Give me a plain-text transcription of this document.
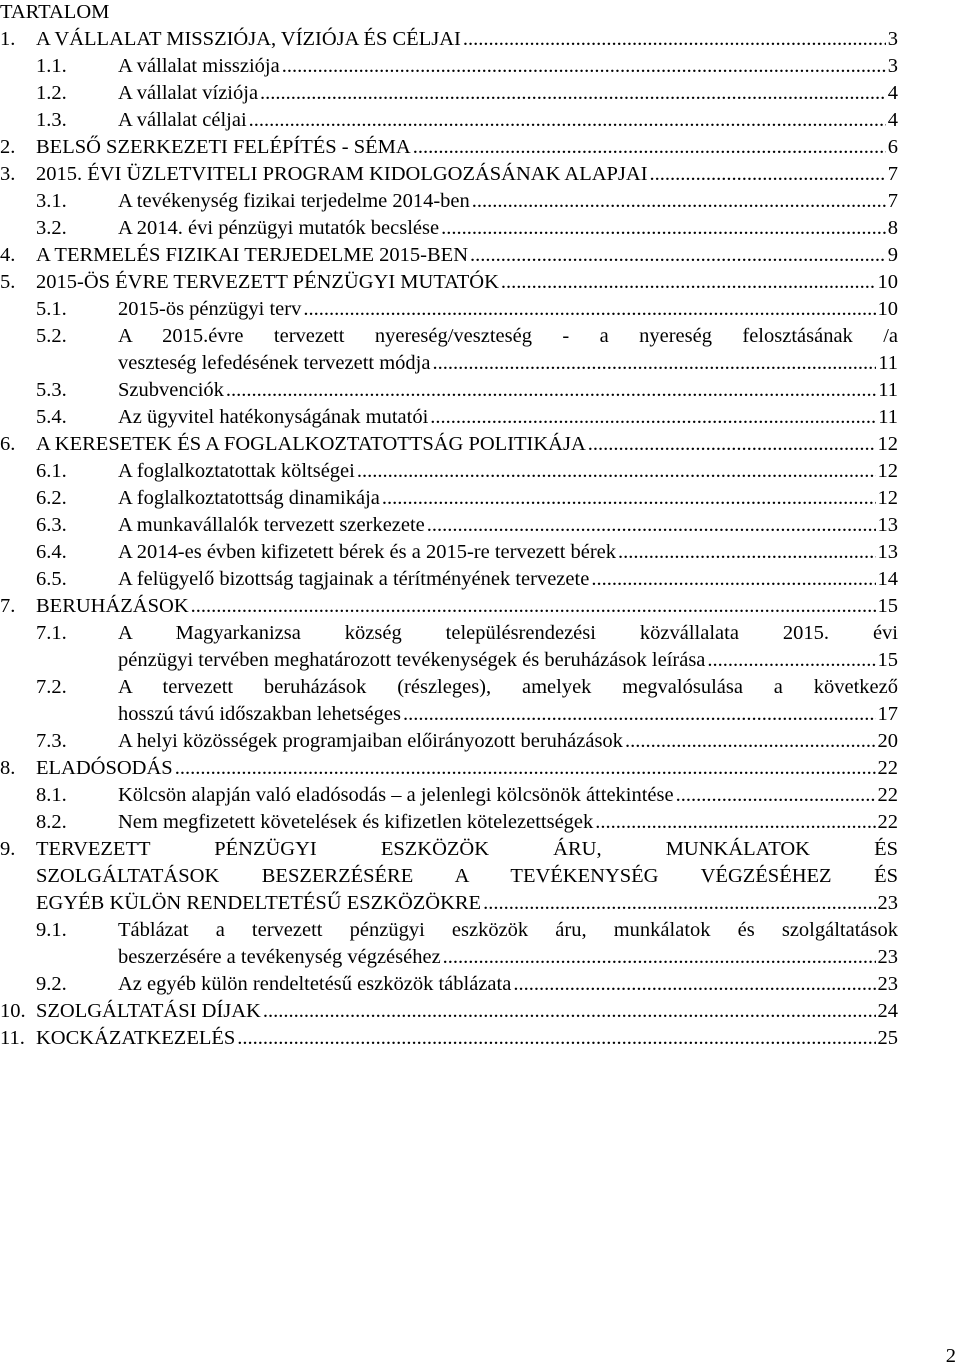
TARTALOM
1. A VÁLLALAT MISSZIÓJA, VÍZIÓJA ÉS CÉLJAI .....	3
1.1.	A vállalat missziója .....	3
1.2.	A vállalat víziója .....	4
1.3.	A vállalat céljai .....	4
2. BELSŐ SZERKEZETI FELÉPÍTÉS - SÉMA .....	6
3. 2015. ÉVI ÜZLETVITELI PROGRAM KIDOLGOZÁSÁNAK ALAPJAI .....	7
3.1.	A tevékenység fizikai terjedelme 2014-ben .....	7
3.2.	A 2014. évi pénzügyi mutatók becslése .....	8
4. A TERMELÉS FIZIKAI TERJEDELME 2015-BEN .....	9
5. 2015-ÖS ÉVRE TERVEZETT PÉNZÜGYI MUTATÓK .....	10
5.1.	2015-ös pénzügyi terv .....	10
5.2.	A 2015.évre tervezett nyereség/veszteség - a nyereség felosztásának /a
veszteség lefedésének tervezett módja .....	11
5.3.	Szubvenciók .....	11
5.4.	Az ügyvitel hatékonyságának mutatói .....	11
6. A KERESETEK ÉS A FOGLALKOZTATOTTSÁG POLITIKÁJA .....	12
6.1.	A foglalkoztatottak költségei .....	12
6.2.	A foglalkoztatottság dinamikája .....	12
6.3.	A munkavállalók tervezett szerkezete .....	13
6.4.	A 2014-es évben kifizetett bérek és a 2015-re tervezett bérek .....	13
6.5.	A felügyelő bizottság tagjainak a térítményének tervezete .....	14
7. BERUHÁZÁSOK .....	15
7.1.	A Magyarkanizsa község településrendezési közvállalata 2015. évi
pénzügyi tervében meghatározott tevékenységek és beruházások leírása .....	15
7.2.	A tervezett beruházások (részleges), amelyek megvalósulása a következő
hosszú távú időszakban lehetséges .....	17
7.3.	A helyi közösségek programjaiban előirányozott beruházások .....	20
8. ELADÓSODÁS .....	22
8.1.	Kölcsön alapján való eladósodás – a jelenlegi kölcsönök áttekintése .....	22
8.2.	Nem megfizetett követelések és kifizetlen kötelezettségek .....	22
9. TERVEZETT PÉNZÜGYI ESZKÖZÖK ÁRU, MUNKÁLATOK ÉS
SZOLGÁLTATÁSOK BESZERZÉSÉRE A TEVÉKENYSÉG VÉGZÉSÉHEZ ÉS
EGYÉB KÜLÖN RENDELTETÉSŰ ESZKÖZÖKRE .....	23
9.1.	Táblázat a tervezett pénzügyi eszközök áru, munkálatok és szolgáltatások
beszerzésére a tevékenység végzéséhez .....	23
9.2.	Az egyéb külön rendeltetésű eszközök táblázata .....	23
10. SZOLGÁLTATÁSI DÍJAK .....	24
11. KOCKÁZATKEZELÉS .....	25
2
